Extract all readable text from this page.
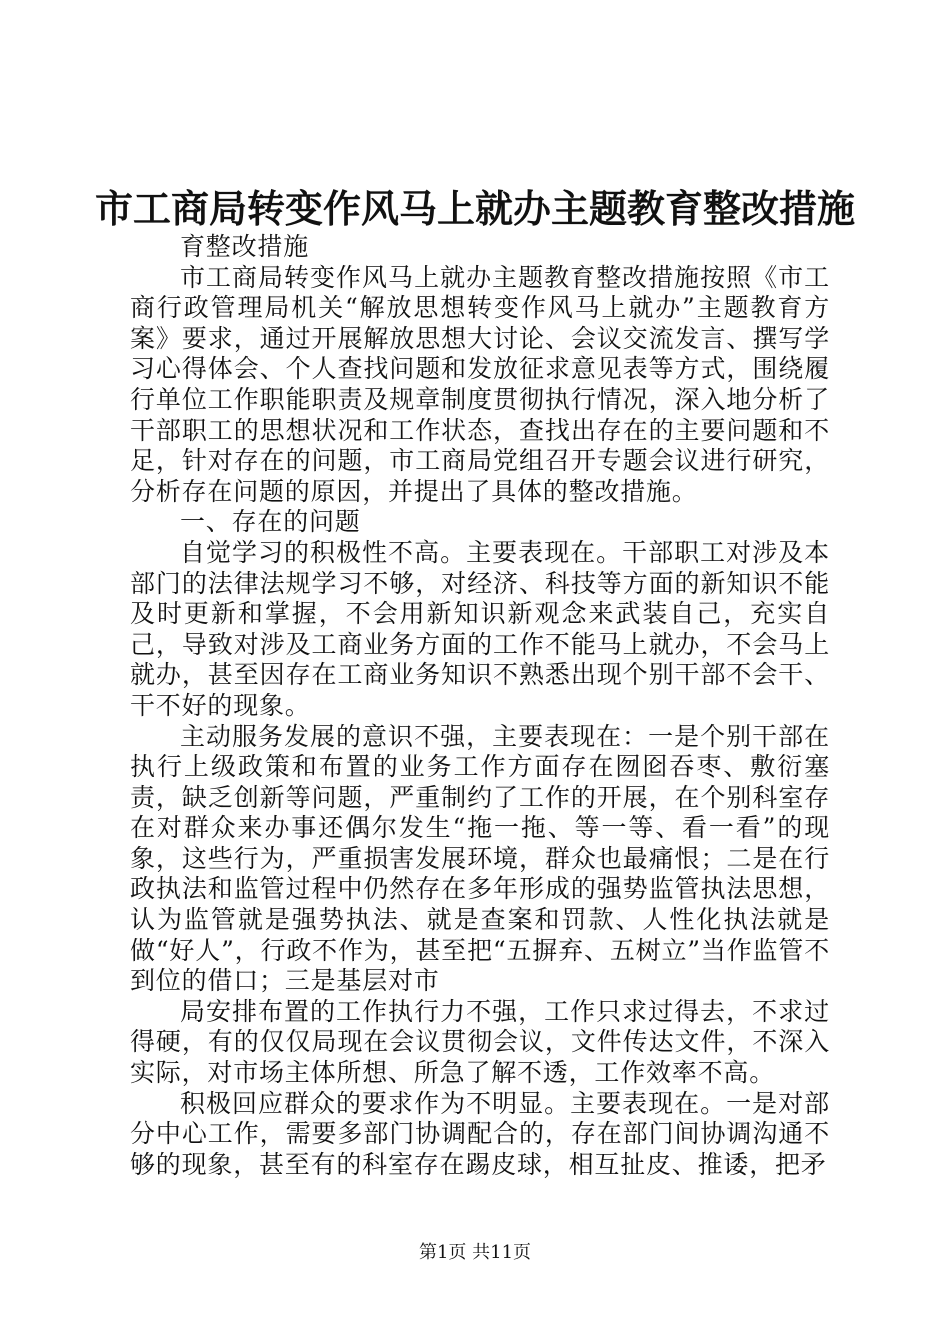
市工商局转变作风马上就办主题教育整改措施

育整改措施

市工商局转变作风马上就办主题教育整改措施按照《市工商行政管理局机关“解放思想转变作风马上就办”主题教育方案》要求，通过开展解放思想大讨论、会议交流发言、撰写学习心得体会、个人查找问题和发放征求意见表等方式，围绕履行单位工作职能职责及规章制度贯彻执行情况，深入地分析了干部职工的思想状况和工作状态，查找出存在的主要问题和不足，针对存在的问题，市工商局党组召开专题会议进行研究，分析存在问题的原因，并提出了具体的整改措施。

一、存在的问题

自觉学习的积极性不高。主要表现在。干部职工对涉及本部门的法律法规学习不够，对经济、科技等方面的新知识不能及时更新和掌握，不会用新知识新观念来武装自己，充实自己，导致对涉及工商业务方面的工作不能马上就办，不会马上就办，甚至因存在工商业务知识不熟悉出现个别干部不会干、干不好的现象。

主动服务发展的意识不强，主要表现在：一是个别干部在执行上级政策和布置的业务工作方面存在囫囵吞枣、敷衍塞责，缺乏创新等问题，严重制约了工作的开展，在个别科室存在对群众来办事还偶尔发生“拖一拖、等一等、看一看”的现象，这些行为，严重损害发展环境，群众也最痛恨；二是在行政执法和监管过程中仍然存在多年形成的强势监管执法思想，认为监管就是强势执法、就是查案和罚款、人性化执法就是做“好人”，行政不作为，甚至把“五摒弃、五树立”当作监管不到位的借口；三是基层对市

局安排布置的工作执行力不强，工作只求过得去，不求过得硬，有的仅仅局现在会议贯彻会议，文件传达文件，不深入实际，对市场主体所想、所急了解不透，工作效率不高。

积极回应群众的要求作为不明显。主要表现在。一是对部分中心工作，需要多部门协调配合的，存在部门间协调沟通不够的现象，甚至有的科室存在踢皮球，相互扯皮、推诿，把矛

第1页 共11页
